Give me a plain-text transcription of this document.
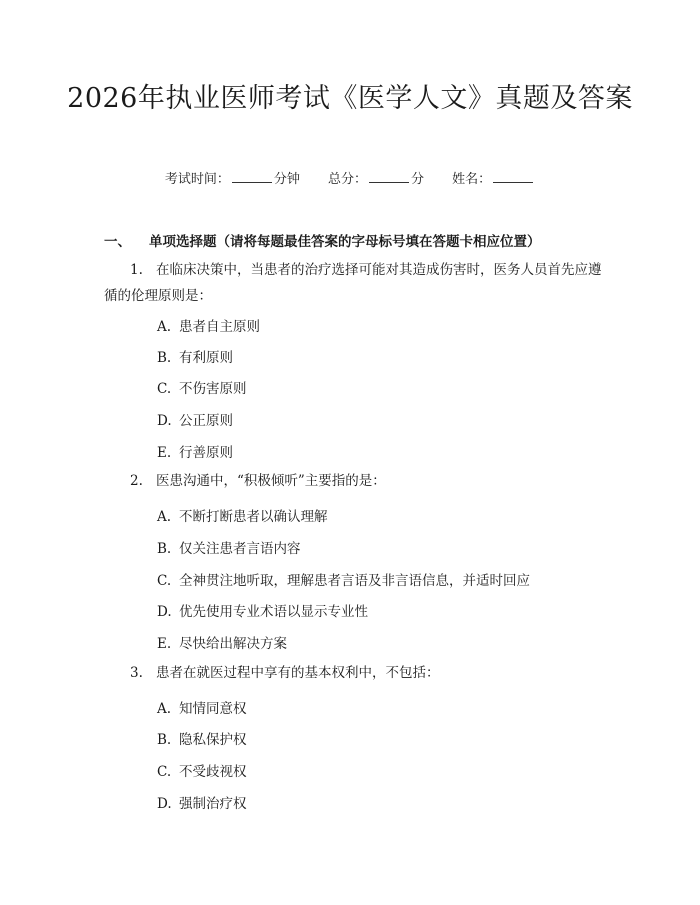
2026年执业医师考试《医学人文》真题及答案
考试时间：	分钟 总分：	分 姓名：
一、 单项选择题（请将每题最佳答案的字母标号填在答题卡相应位置）
1. 在临床决策中，当患者的治疗选择可能对其造成伤害时，医务人员首先应遵循的伦理原则是：
A. 患者自主原则
B. 有利原则
C. 不伤害原则
D. 公正原则
E. 行善原则
2. 医患沟通中，“积极倾听”主要指的是：
A. 不断打断患者以确认理解
B. 仅关注患者言语内容
C. 全神贯注地听取，理解患者言语及非言语信息，并适时回应
D. 优先使用专业术语以显示专业性
E. 尽快给出解决方案
3. 患者在就医过程中享有的基本权利中，不包括：
A. 知情同意权
B. 隐私保护权
C. 不受歧视权
D. 强制治疗权
